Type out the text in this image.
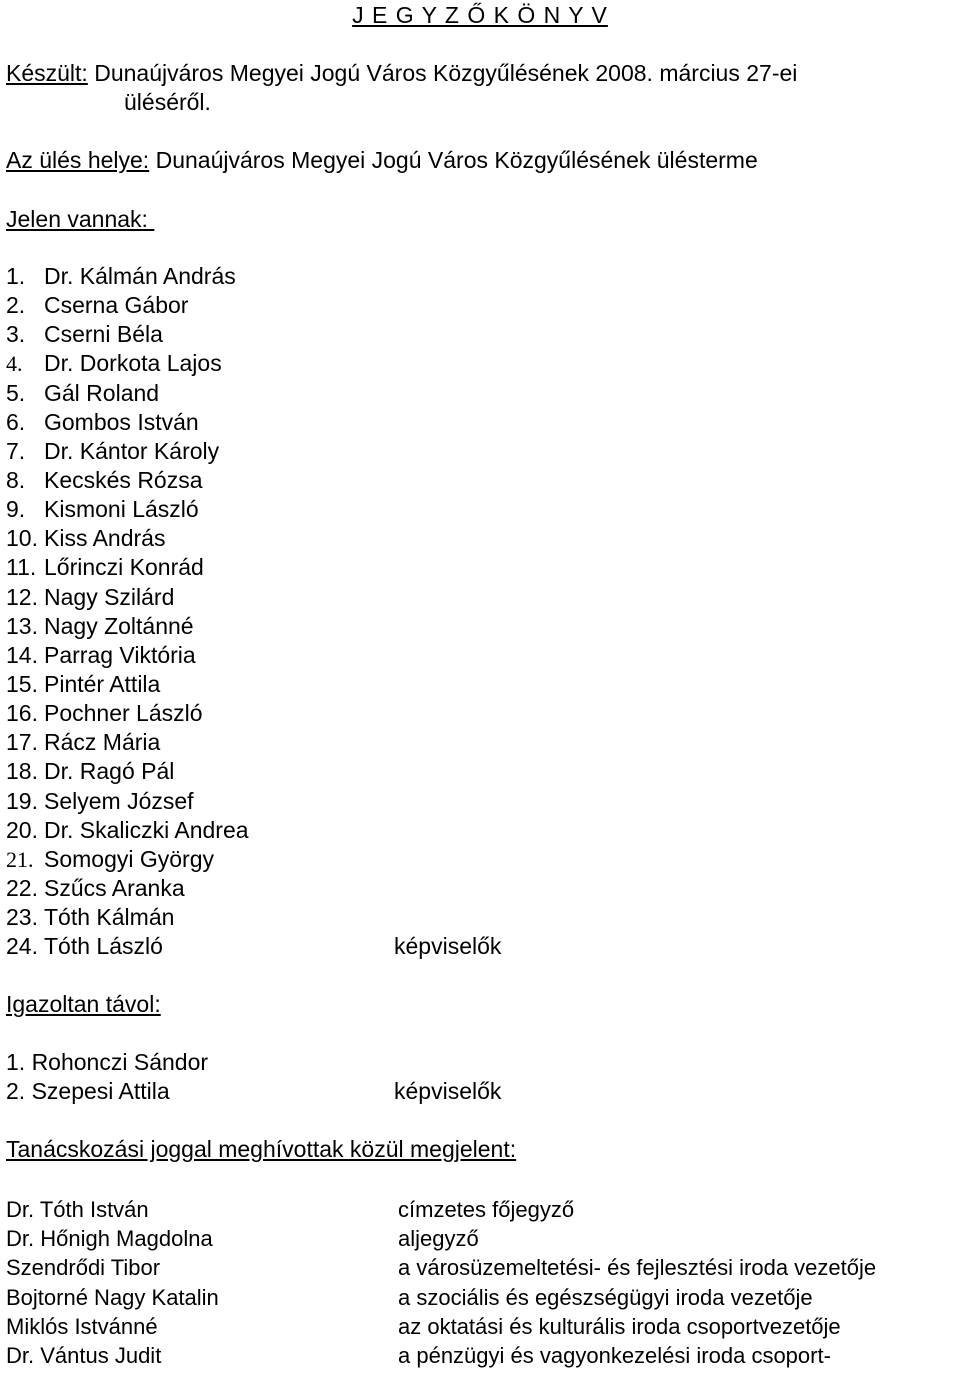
J E G Y Z Ő K Ö N Y V
Készült: Dunaújváros Megyei Jogú Város Közgyűlésének 2008. március 27-ei
üléséről.
Az ülés helye: Dunaújváros Megyei Jogú Város Közgyűlésének ülésterme
Jelen vannak:
1. Dr. Kálmán András
2. Cserna Gábor
3. Cserni Béla
4. Dr. Dorkota Lajos
5. Gál Roland
6. Gombos István
7. Dr. Kántor Károly
8. Kecskés Rózsa
9. Kismoni László
10. Kiss András
11. Lőrinczi Konrád
12. Nagy Szilárd
13. Nagy Zoltánné
14. Parrag Viktória
15. Pintér Attila
16. Pochner László
17. Rácz Mária
18. Dr. Ragó Pál
19. Selyem József
20. Dr. Skaliczki Andrea
21. Somogyi György
22. Szűcs Aranka
23. Tóth Kálmán
24. Tóth László	képviselők
Igazoltan távol:
1. Rohonczi Sándor
2. Szepesi Attila	képviselők
Tanácskozási joggal meghívottak közül megjelent:
Dr. Tóth István	címzetes főjegyző
Dr. Hőnigh Magdolna	aljegyző
Szendrődi Tibor	a városüzemeltetési- és fejlesztési iroda vezetője
Bojtorné Nagy Katalin	a szociális és egészségügyi iroda vezetője
Miklós Istvánné	az oktatási és kulturális iroda csoportvezetője
Dr. Vántus Judit	a pénzügyi és vagyonkezelési iroda csoport-
